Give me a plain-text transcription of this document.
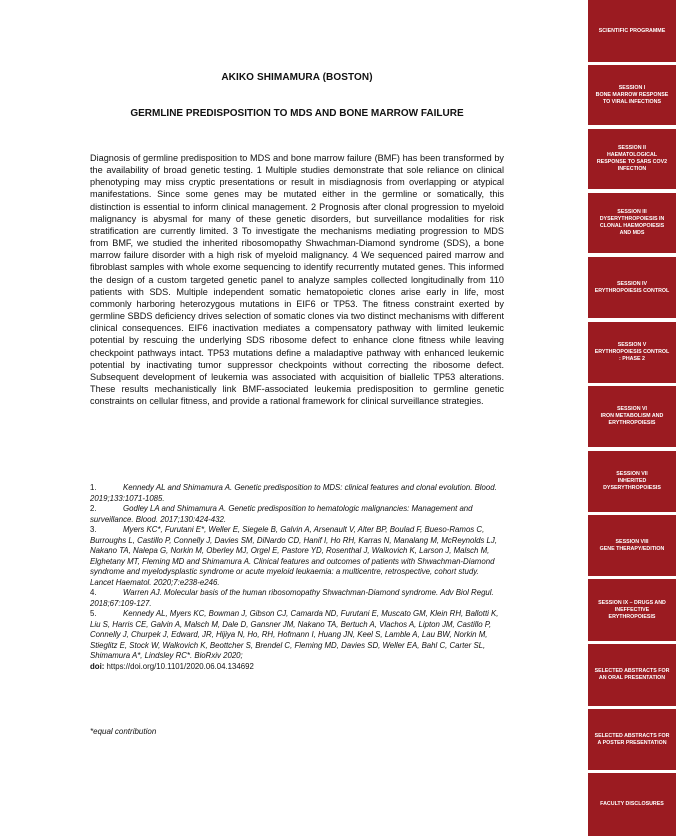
AKIKO SHIMAMURA (BOSTON)
GERMLINE PREDISPOSITION TO MDS AND BONE MARROW FAILURE
Diagnosis of germline predisposition to MDS and bone marrow failure (BMF) has been transformed by the availability of broad genetic testing. 1 Multiple studies demonstrate that sole reliance on clinical phenotyping may miss cryptic presentations or result in misdiagnosis from overlapping or atypical manifestations. Since some genes may be mutated either in the germline or somatically, this distinction is essential to inform clinical management. 2 Prognosis after clonal progression to myeloid malignancy is abysmal for many of these genetic disorders, but surveillance modalities for risk stratification are currently limited. 3 To investigate the mechanisms mediating progression to MDS from BMF, we studied the inherited ribosomopathy Shwachman-Diamond syndrome (SDS), a bone marrow failure disorder with a high risk of myeloid malignancy. 4 We sequenced paired marrow and fibroblast samples with whole exome sequencing to identify recurrently mutated genes. This informed the design of a custom targeted genetic panel to analyze samples collected longitudinally from 110 patients with SDS. Multiple independent somatic hematopoietic clones arise early in life, most commonly harboring heterozygous mutations in EIF6 or TP53. The fitness constraint exerted by germline SBDS deficiency drives selection of somatic clones via two distinct mechanisms with different clinical consequences. EIF6 inactivation mediates a compensatory pathway with limited leukemic potential by rescuing the underlying SDS ribosome defect to enhance clone fitness while leaving checkpoint pathways intact. TP53 mutations define a maladaptive pathway with enhanced leukemic potential by inactivating tumor suppressor checkpoints without correcting the ribosome defect. Subsequent development of leukemia was associated with acquisition of biallelic TP53 alterations. These results mechanistically link BMF-associated leukemia predisposition to germline genetic constraints on cellular fitness, and provide a rational framework for clinical surveillance strategies.
1.	Kennedy AL and Shimamura A. Genetic predisposition to MDS: clinical features and clonal evolution. Blood. 2019;133:1071-1085.
2.	Godley LA and Shimamura A. Genetic predisposition to hematologic malignancies: Management and surveillance. Blood. 2017;130:424-432.
3.	Myers KC*, Furutani E*, Weller E, Siegele B, Galvin A, Arsenault V, Alter BP, Boulad F, Bueso-Ramos C, Burroughs L, Castillo P, Connelly J, Davies SM, DiNardo CD, Hanif I, Ho RH, Karras N, Manalang M, McReynolds LJ, Nakano TA, Nalepa G, Norkin M, Oberley MJ, Orgel E, Pastore YD, Rosenthal J, Walkovich K, Larson J, Malsch M, Elghetany MT, Fleming MD and Shimamura A. Clinical features and outcomes of patients with Shwachman-Diamond syndrome and myelodysplastic syndrome or acute myeloid leukaemia: a multicentre, retrospective, cohort study. Lancet Haematol. 2020;7:e238-e246.
4.	Warren AJ. Molecular basis of the human ribosomopathy Shwachman-Diamond syndrome. Adv Biol Regul. 2018;67:109-127.
5.	Kennedy AL, Myers KC, Bowman J, Gibson CJ, Camarda ND, Furutani E, Muscato GM, Klein RH, Ballotti K, Liu S, Harris CE, Galvin A, Malsch M, Dale D, Gansner JM, Nakano TA, Bertuch A, Vlachos A, Lipton JM, Castillo P, Connelly J, Churpek J, Edward, JR, Hijiya N, Ho, RH, Hofmann I, Huang JN, Keel S, Lamble A, Lau BW, Norkin M, Stieglitz E, Stock W, Walkovich K, Beottcher S, Brendel C, Fleming MD, Davies SD, Weller EA, Bahl C, Carter SL, Shimamura A*, Lindsley RC*. BioRxiv 2020;
doi: https://doi.org/10.1101/2020.06.04.134692
*equal contribution
SCIENTIFIC PROGRAMME
SESSION I
BONE MARROW RESPONSE TO VIRAL INFECTIONS
SESSION II
HAEMATOLOGICAL RESPONSE TO SARS COV2 INFECTION
SESSION III
DYSERYTHROPOIESIS IN CLONAL HAEMOPOIESIS AND MDS
SESSION IV
ERYTHROPOIESIS CONTROL
SESSION V
ERYTHROPOIESIS CONTROL : PHASE 2
SESSION VI
IRON METABOLISM AND ERYTHROPOIESIS
SESSION VII
INHERITED DYSERYTHROPOIESIS
SESSION VIII
GENE THERAPY/EDITION
SESSION IX – DRUGS AND INEFFECTIVE ERYTHROPOIESIS
SELECTED ABSTRACTS FOR AN ORAL PRESENTATION
SELECTED ABSTRACTS FOR A POSTER PRESENTATION
FACULTY DISCLOSURES
